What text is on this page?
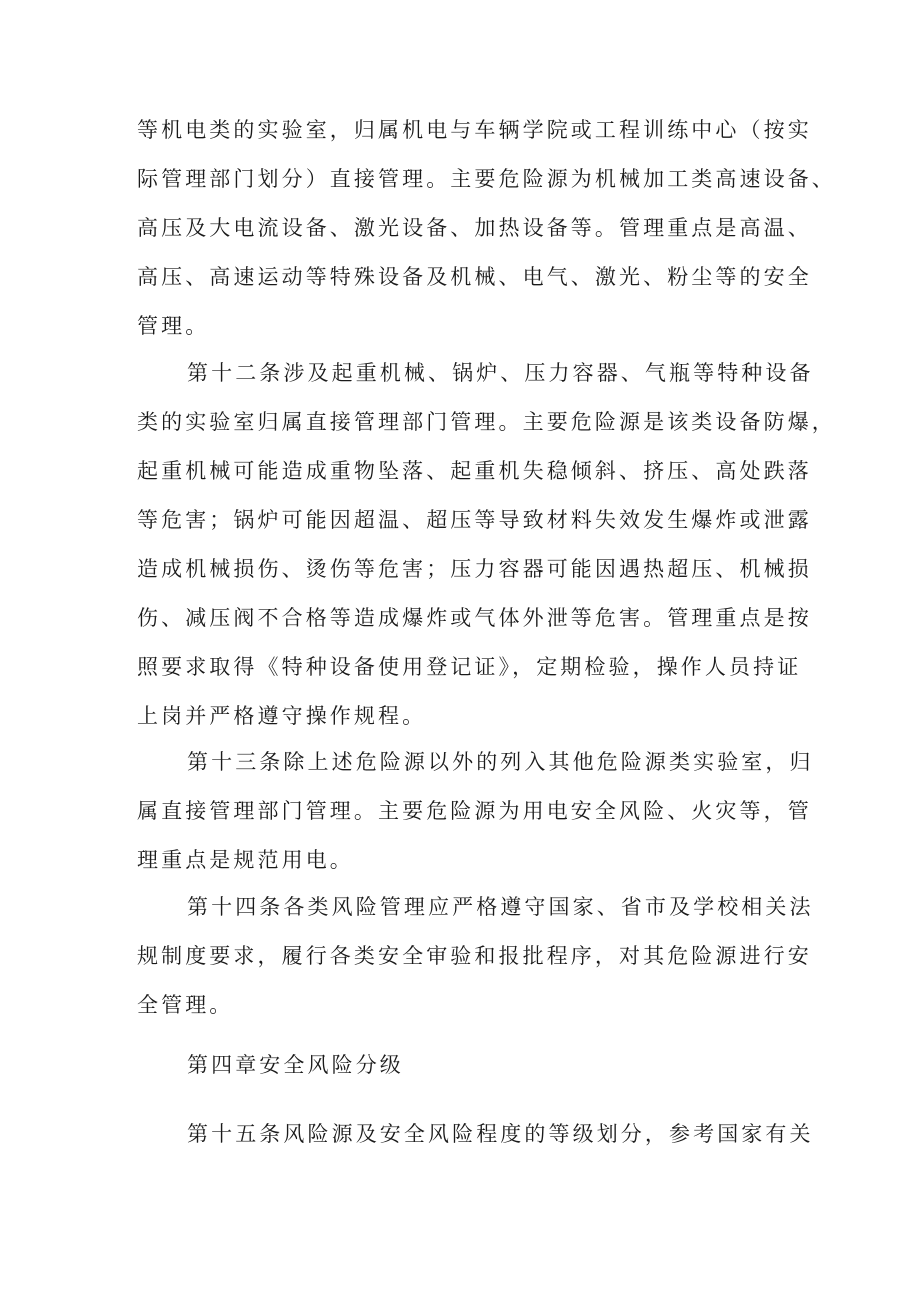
等机电类的实验室，归属机电与车辆学院或工程训练中心（按实
际管理部门划分）直接管理。主要危险源为机械加工类高速设备、
高压及大电流设备、激光设备、加热设备等。管理重点是高温、
高压、高速运动等特殊设备及机械、电气、激光、粉尘等的安全
管理。
第十二条涉及起重机械、锅炉、压力容器、气瓶等特种设备
类的实验室归属直接管理部门管理。主要危险源是该类设备防爆，
起重机械可能造成重物坠落、起重机失稳倾斜、挤压、高处跌落
等危害；锅炉可能因超温、超压等导致材料失效发生爆炸或泄露
造成机械损伤、烫伤等危害；压力容器可能因遇热超压、机械损
伤、减压阀不合格等造成爆炸或气体外泄等危害。管理重点是按
照要求取得《特种设备使用登记证》，定期检验，操作人员持证
上岗并严格遵守操作规程。
第十三条除上述危险源以外的列入其他危险源类实验室，归
属直接管理部门管理。主要危险源为用电安全风险、火灾等，管
理重点是规范用电。
第十四条各类风险管理应严格遵守国家、省市及学校相关法
规制度要求，履行各类安全审验和报批程序，对其危险源进行安
全管理。
第四章安全风险分级
第十五条风险源及安全风险程度的等级划分，参考国家有关
